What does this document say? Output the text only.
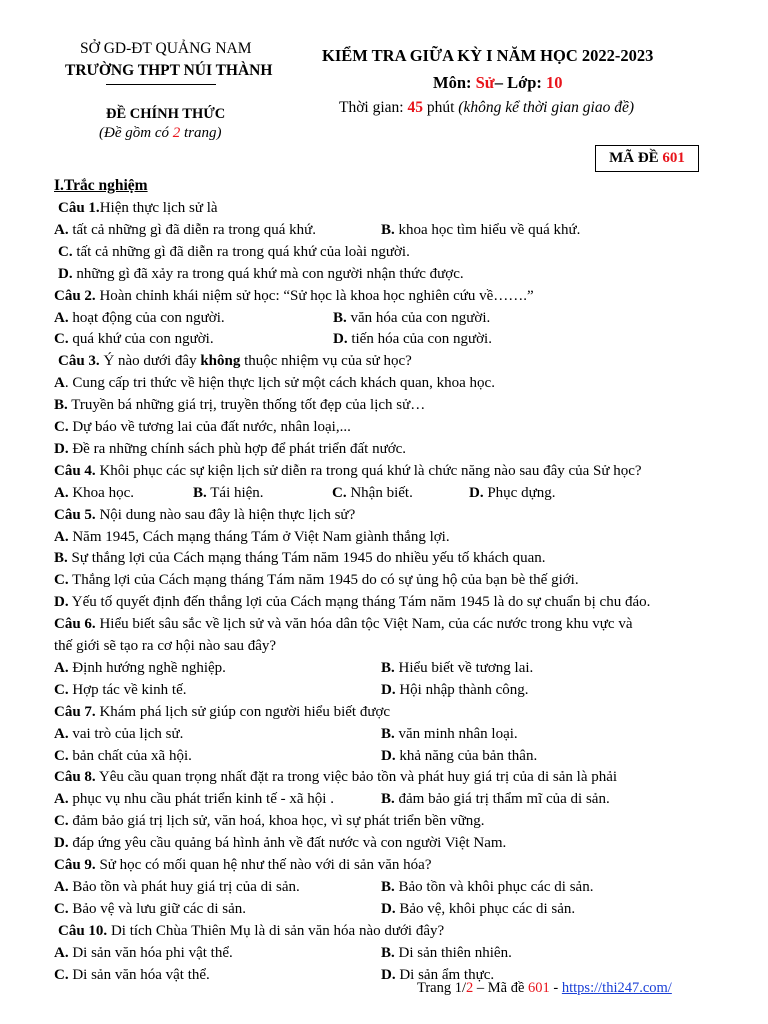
SỞ GD-ĐT QUẢNG NAM
TRƯỜNG THPT NÚI THÀNH
ĐỀ CHÍNH THỨC
(Đề gồm có 2 trang)
KIỂM TRA GIỮA KỲ I NĂM HỌC 2022-2023
Môn: Sử– Lớp: 10
Thời gian: 45 phút (không kể thời gian giao đề)
MÃ ĐỀ 601
I.Trắc nghiệm
Câu 1.Hiện thực lịch sử là
A. tất cả những gì đã diễn ra trong quá khứ.	B. khoa học tìm hiểu về quá khứ.
C. tất cả những gì đã diễn ra trong quá khứ của loài người.
D. những gì đã xảy ra trong quá khứ mà con người nhận thức được.
Câu 2. Hoàn chỉnh khái niệm sử học: “Sử học là khoa học nghiên cứu về…….”
A. hoạt động của con người.	B. văn hóa của con người.
C. quá khứ của con người.	D. tiến hóa của con người.
Câu 3. Ý nào dưới đây không thuộc nhiệm vụ của sử học?
A. Cung cấp tri thức về hiện thực lịch sử một cách khách quan, khoa học.
B. Truyền bá những giá trị, truyền thống tốt đẹp của lịch sử…
C. Dự báo về tương lai của đất nước, nhân loại,...
D. Đề ra những chính sách phù hợp để phát triển đất nước.
Câu 4. Khôi phục các sự kiện lịch sử diễn ra trong quá khứ là chức năng nào sau đây của Sử học?
A. Khoa học.	B. Tái hiện.	C. Nhận biết.	D. Phục dựng.
Câu 5. Nội dung nào sau đây là hiện thực lịch sử?
A. Năm 1945, Cách mạng tháng Tám ở Việt Nam giành thắng lợi.
B. Sự thắng lợi của Cách mạng tháng Tám năm 1945 do nhiều yếu tố khách quan.
C. Thắng lợi của Cách mạng tháng Tám năm 1945 do có sự ủng hộ của bạn bè thế giới.
D. Yếu tố quyết định đến thắng lợi của Cách mạng tháng Tám năm 1945 là do sự chuẩn bị chu đáo.
Câu 6. Hiểu biết sâu sắc về lịch sử và văn hóa dân tộc Việt Nam, của các nước trong khu vực và
thế giới sẽ tạo ra cơ hội nào sau đây?
A. Định hướng nghề nghiệp.	B. Hiểu biết về tương lai.
C. Hợp tác về kinh tế.	D. Hội nhập thành công.
Câu 7. Khám phá lịch sử giúp con người hiểu biết được
A. vai trò của lịch sử.	B. văn minh nhân loại.
C. bản chất của xã hội.	D. khả năng của bản thân.
Câu 8. Yêu cầu quan trọng nhất đặt ra trong việc bảo tồn và phát huy giá trị của di sản là phải
A. phục vụ nhu cầu phát triển kinh tế - xã hội .	B. đảm bảo giá trị thẩm mĩ của di sản.
C. đảm bảo giá trị lịch sử, văn hoá, khoa học, vì sự phát triển bền vững.
D. đáp ứng yêu cầu quảng bá hình ảnh về đất nước và con người Việt Nam.
Câu 9. Sử học có mối quan hệ như thế nào với di sản văn hóa?
A. Bảo tồn và phát huy giá trị của di sản.	B. Bảo tồn và khôi phục các di sản.
C. Bảo vệ và lưu giữ các di sản.	D. Bảo vệ, khôi phục các di sản.
Câu 10. Di tích Chùa Thiên Mụ là di sản văn hóa nào dưới đây?
A. Di sản văn hóa phi vật thể.	B. Di sản thiên nhiên.
C. Di sản văn hóa vật thể.	D. Di sản ẩm thực.
Trang 1/2 – Mã đề 601 - https://thi247.com/
